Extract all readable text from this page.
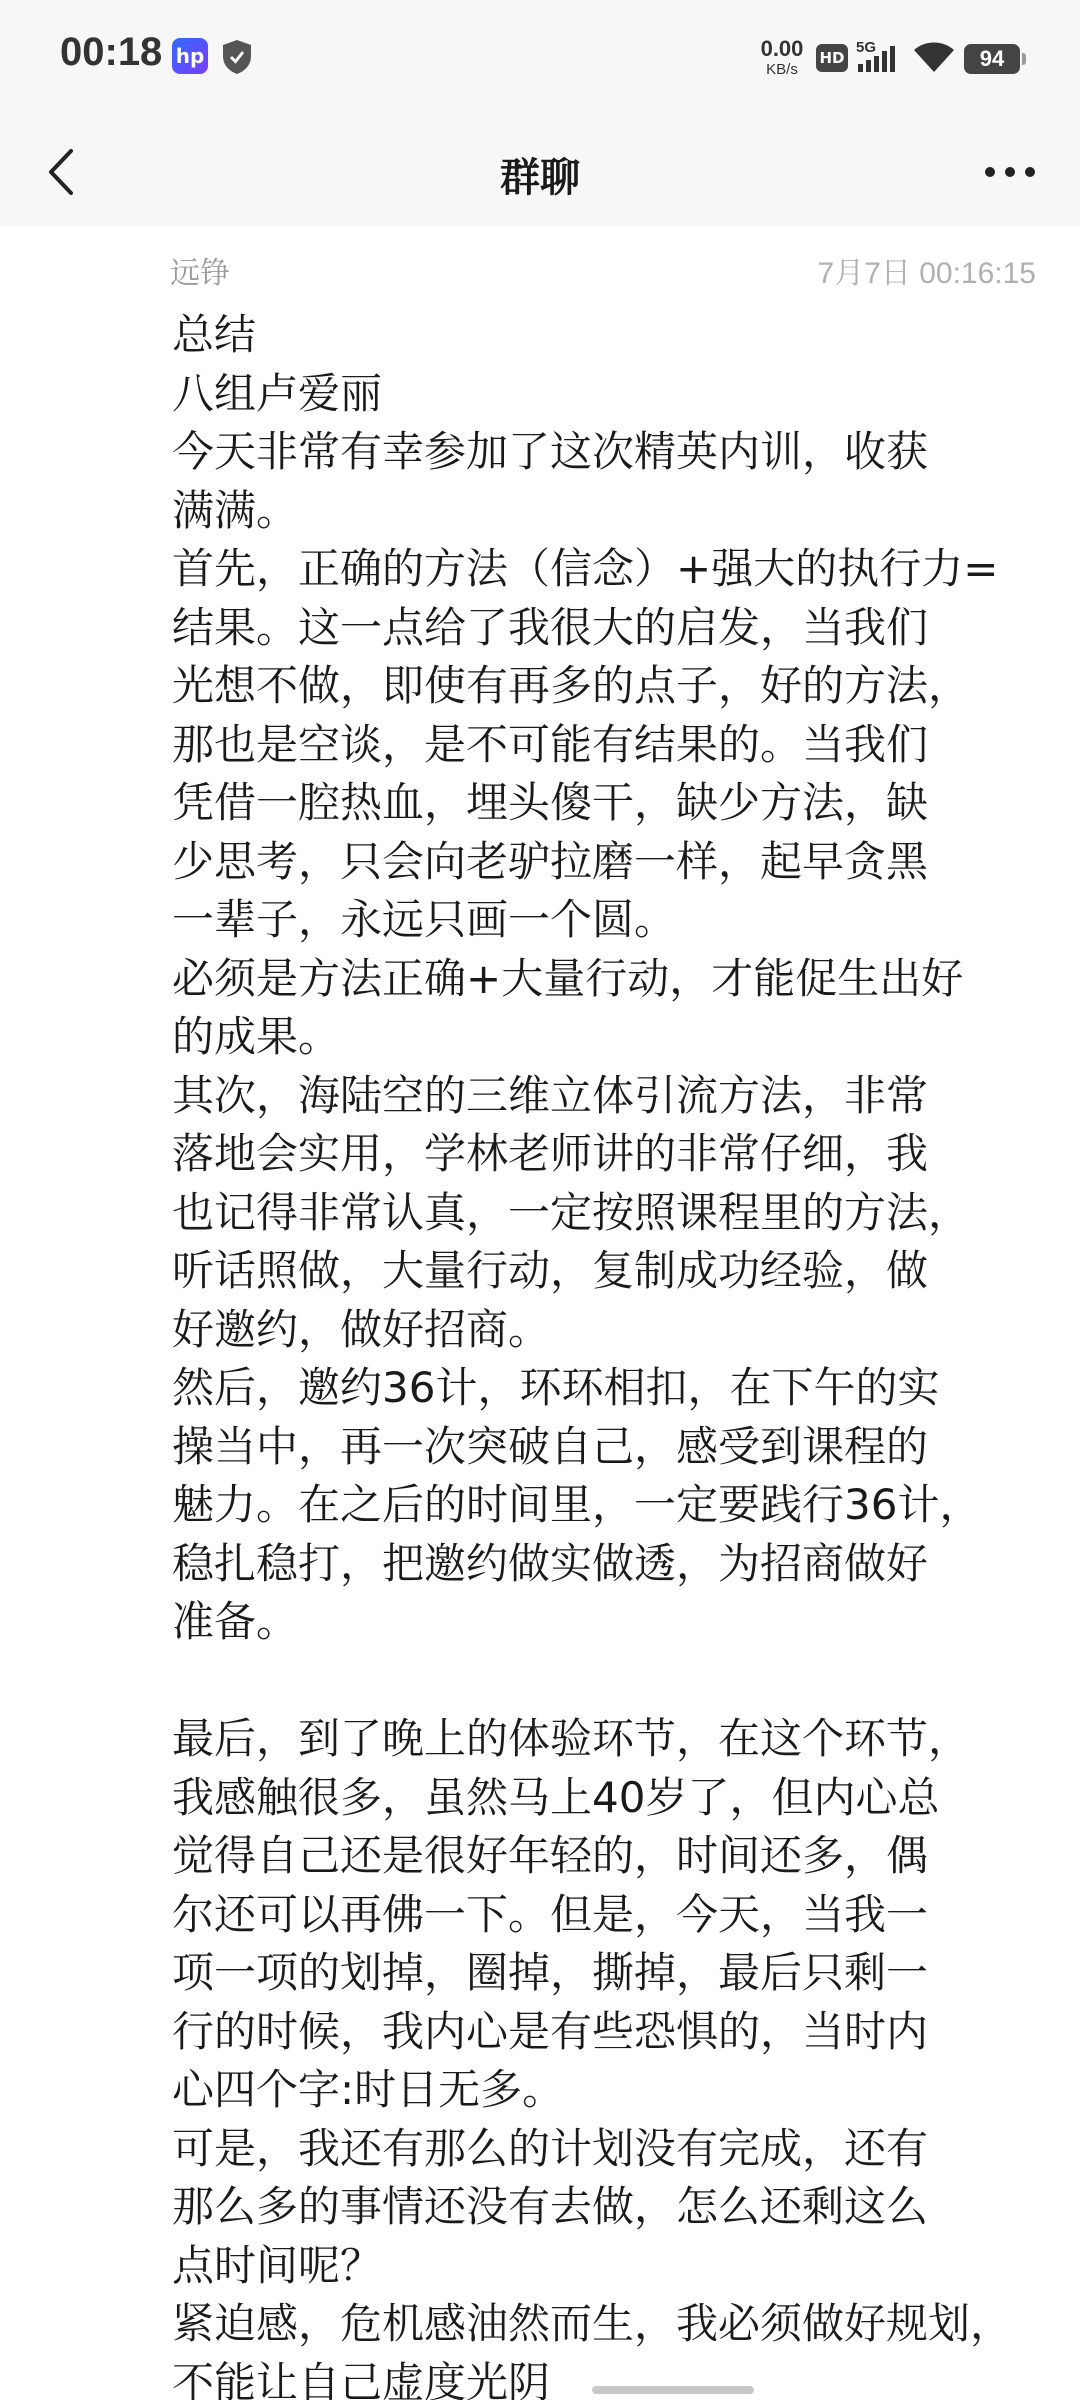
00:18 hp	0.00
KB/s
HD
5G	94
群聊
远铮	7月7日 00:16:15
总结
八组卢爱丽
今天非常有幸参加了这次精英内训，收获
满满。
首先，正确的方法（信念）+强大的执行力=
结果。这一点给了我很大的启发，当我们
光想不做，即使有再多的点子，好的方法，
那也是空谈，是不可能有结果的。当我们
凭借一腔热血，埋头傻干，缺少方法，缺
少思考，只会向老驴拉磨一样，起早贪黑
一辈子，永远只画一个圆。
必须是方法正确+大量行动，才能促生出好
的成果。
其次，海陆空的三维立体引流方法，非常
落地会实用，学林老师讲的非常仔细，我
也记得非常认真，一定按照课程里的方法，
听话照做，大量行动，复制成功经验，做
好邀约，做好招商。
然后，邀约36计，环环相扣，在下午的实
操当中，再一次突破自己，感受到课程的
魅力。在之后的时间里，一定要践行36计，
稳扎稳打，把邀约做实做透，为招商做好
准备。
最后，到了晚上的体验环节，在这个环节，
我感触很多，虽然马上40岁了，但内心总
觉得自己还是很好年轻的，时间还多，偶
尔还可以再佛一下。但是，今天，当我一
项一项的划掉，圈掉，撕掉，最后只剩一
行的时候，我内心是有些恐惧的，当时内
心四个字:时日无多。
可是，我还有那么的计划没有完成，还有
那么多的事情还没有去做，怎么还剩这么
点时间呢？
紧迫感，危机感油然而生，我必须做好规划，
不能让自己虚度光阴
